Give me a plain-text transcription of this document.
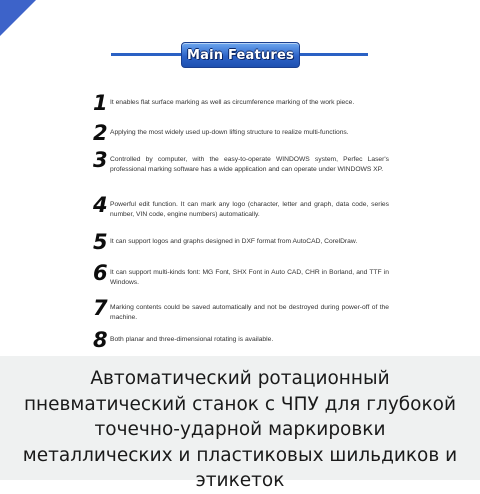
Main Features
1 It enables flat surface marking as well as circumference marking of the work piece.
2 Applying the most widely used up-down lifting structure to realize multi-functions.
3 Controlled by computer, with the easy-to-operate WINDOWS system, Perfec Laser's professional marking software has a wide application and can operate under WINDOWS XP.
4 Powerful edit function. It can mark any logo (character, letter and graph, data code, series number, VIN code, engine numbers) automatically.
5 It can support logos and graphs designed in DXF format from AutoCAD, CorelDraw.
6 It can support multi-kinds font: MG Font, SHX Font in Auto CAD, CHR in Borland, and TTF in Windows.
7 Marking contents could be saved automatically and not be destroyed during power-off of the machine.
8 Both planar and three-dimensional rotating is available.
Автоматический ротационный пневматический станок с ЧПУ для глубокой точечно-ударной маркировки металлических и пластиковых шильдиков и этикеток
